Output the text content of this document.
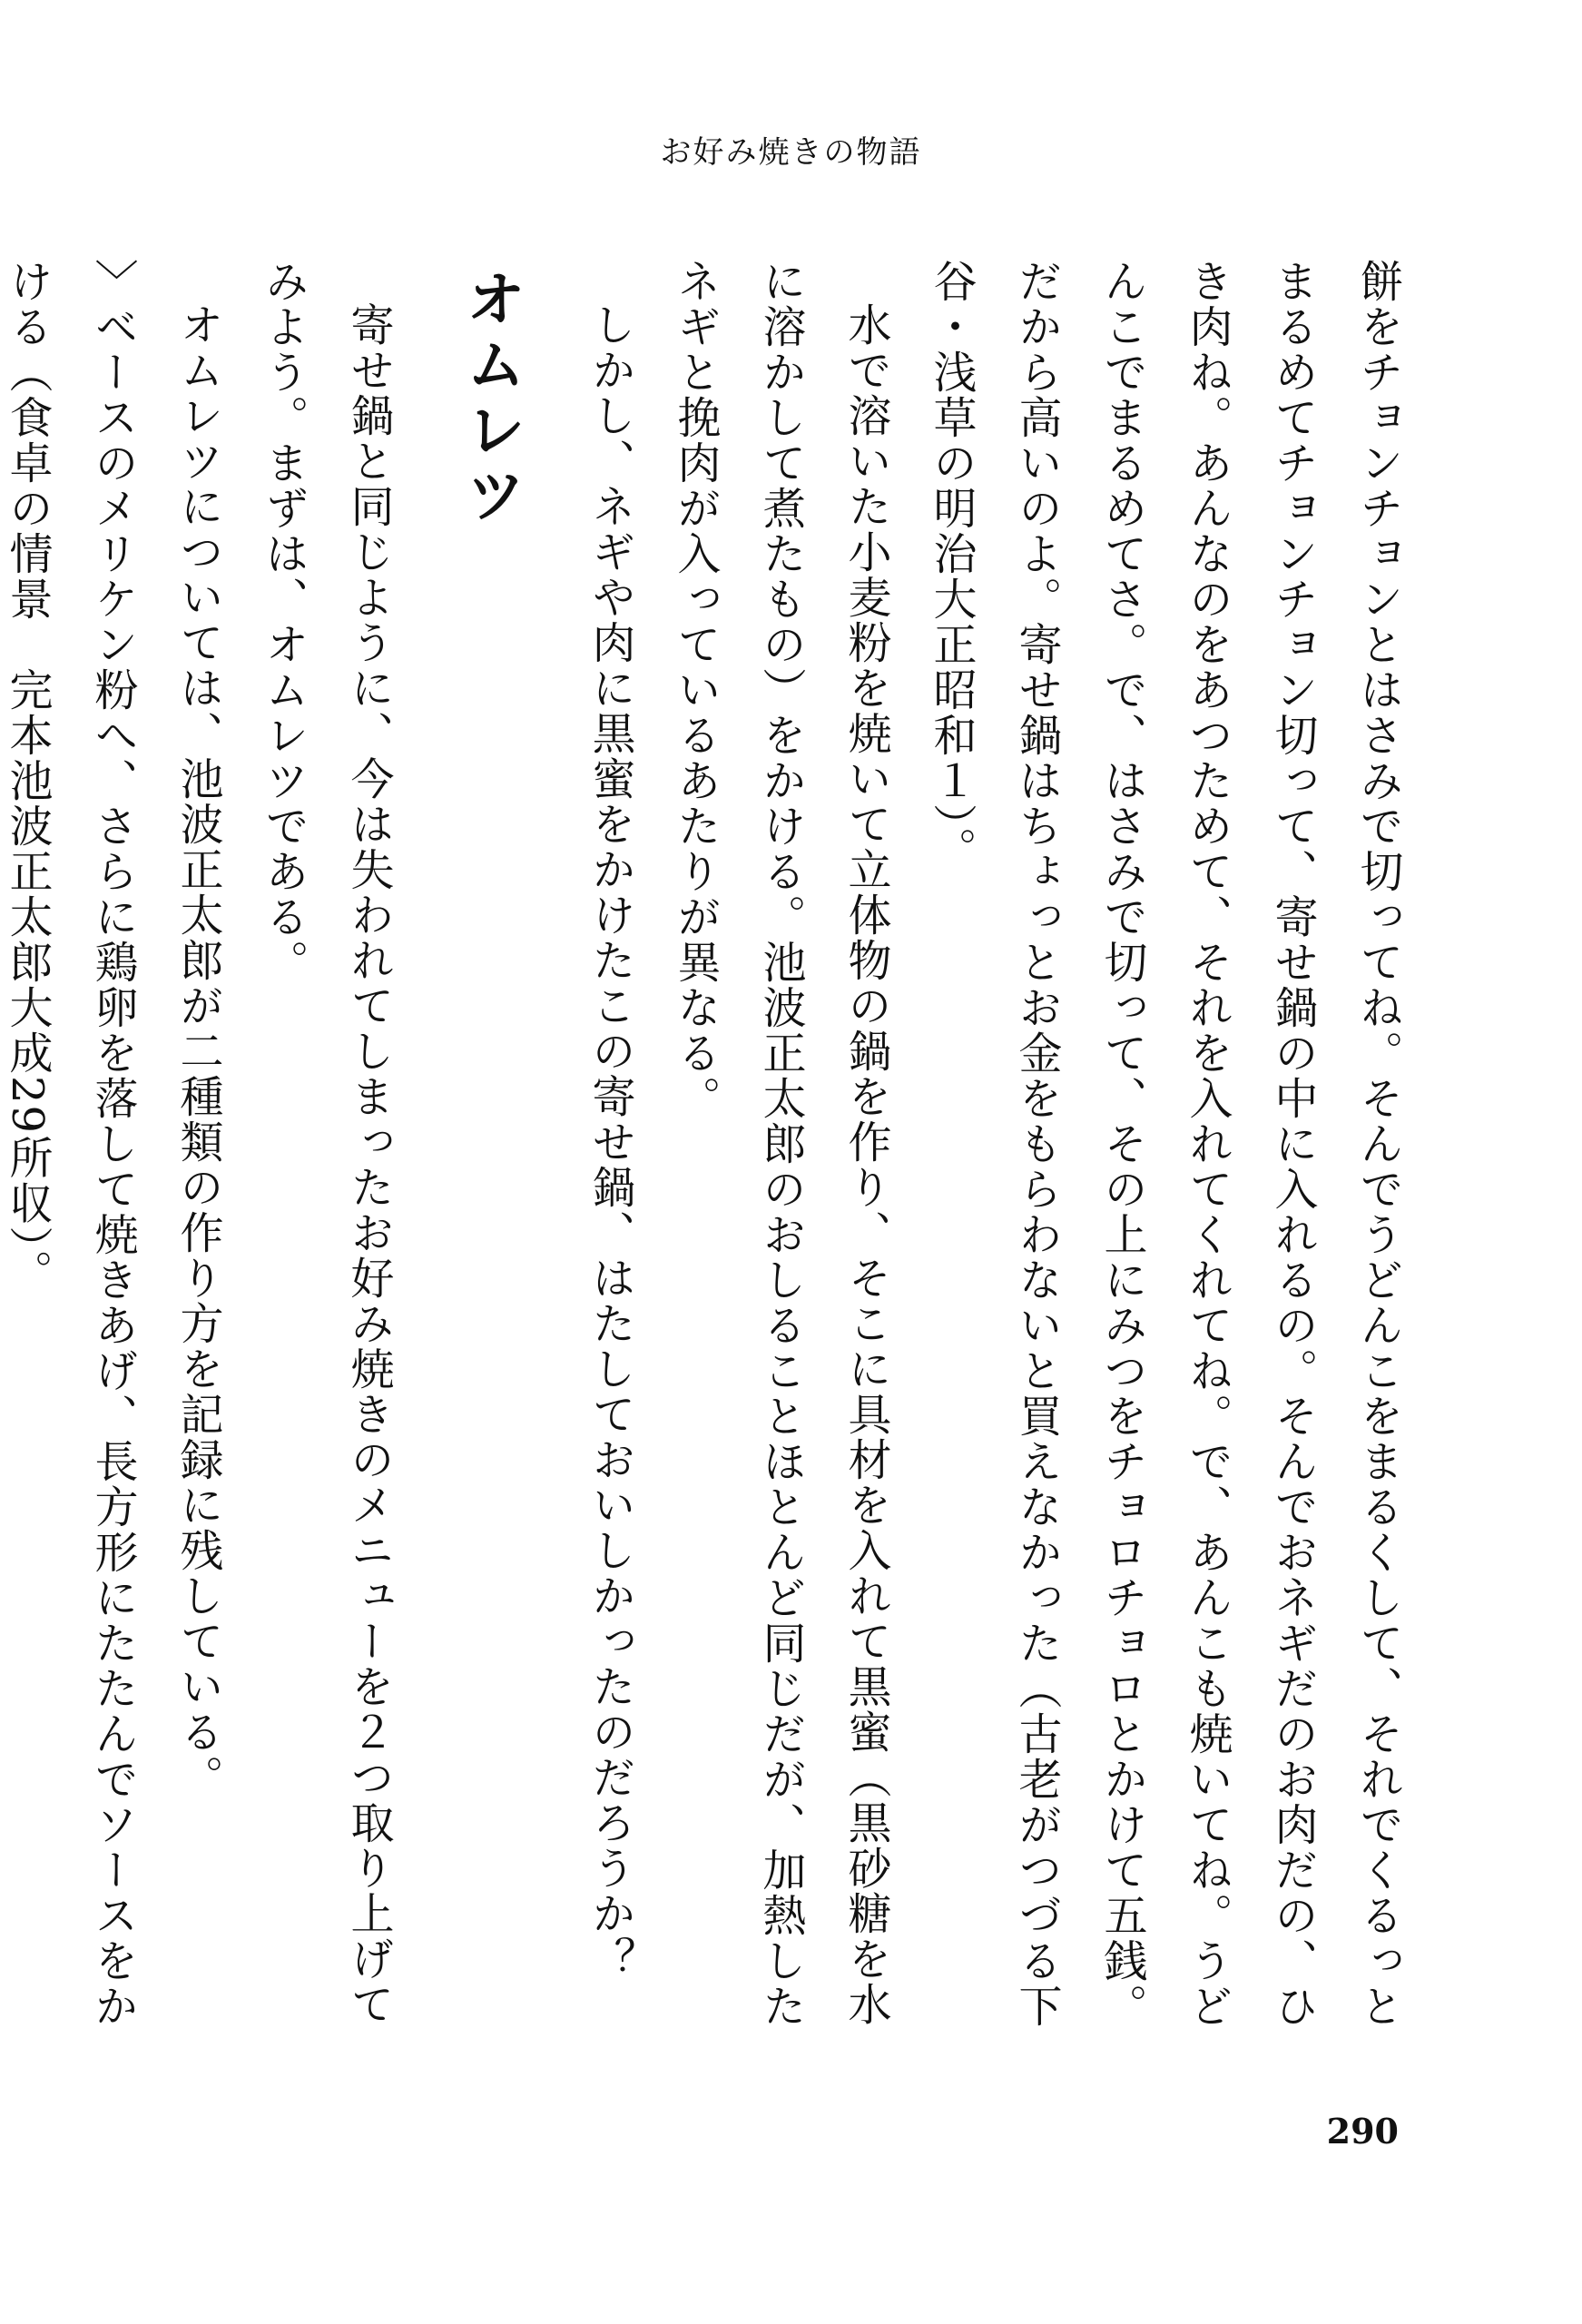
お好み焼きの物語

餅をチョンチョンとはさみで切ってね。そんでうどんこをまるくして、それでくるっとまるめてチョンチョン切って、寄せ鍋の中に入れるの。そんでおネギだのお肉だの、ひき肉ね。あんなのをあつためて、それを入れてくれてね。で、あんこも焼いてね。うどんこでまるめてさ。で、はさみで切って、その上にみつをチョロチョロとかけて五銭。だから高いのよ。寄せ鍋はちょっとお金をもらわないと買えなかった（古老がつづる下谷・浅草の明治大正昭和１）。

水で溶いた小麦粉を焼いて立体物の鍋を作り、そこに具材を入れて黒蜜（黒砂糖を水に溶かして煮たもの）をかける。池波正太郎のおしることほとんど同じだが、加熱したネギと挽肉が入っているあたりが異なる。

しかし、ネギや肉に黒蜜をかけたこの寄せ鍋、はたしておいしかったのだろうか？

オムレツ

寄せ鍋と同じように、今は失われてしまったお好み焼きのメニューを２つ取り上げてみよう。まずは、オムレツである。

オムレツについては、池波正太郎が二種類の作り方を記録に残している。

〉ベースのメリケン粉へ、さらに鶏卵を落して焼きあげ、長方形にたたんでソースをかける（食卓の情景　完本池波正太郎大成29所収）。

290
